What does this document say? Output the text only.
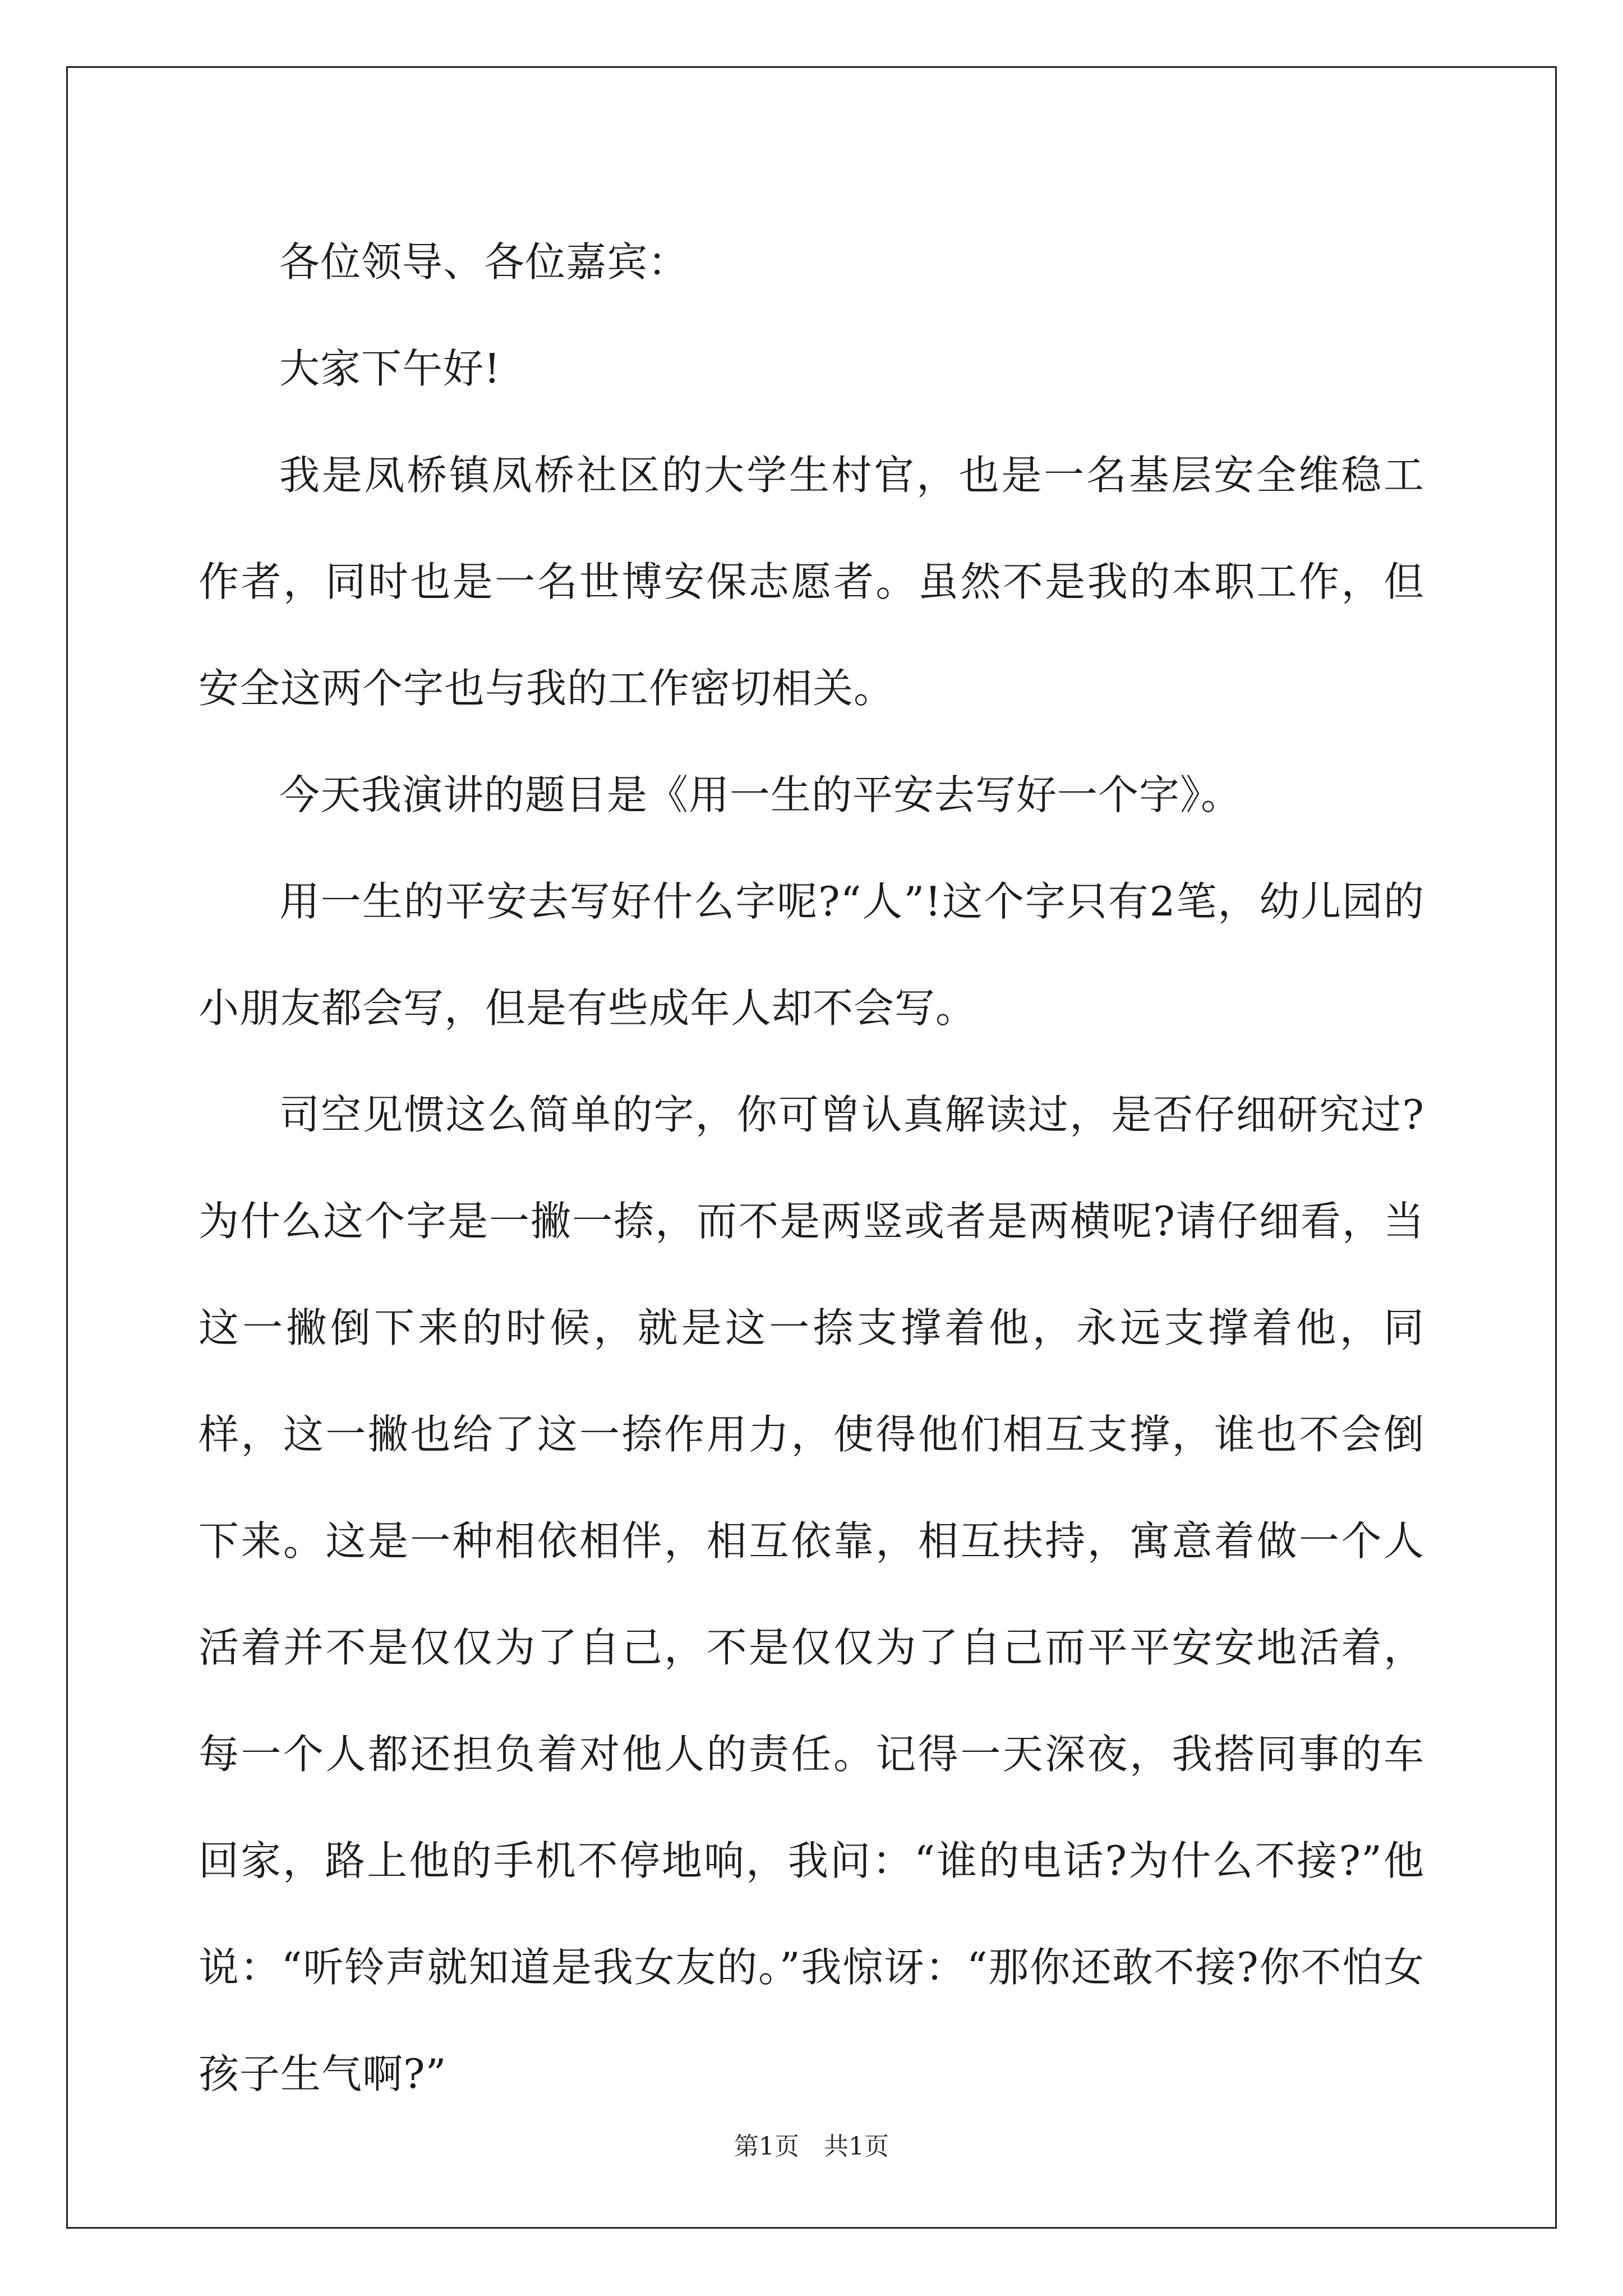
各位领导、各位嘉宾：

大家下午好!

我是凤桥镇凤桥社区的大学生村官，也是一名基层安全维稳工作者，同时也是一名世博安保志愿者。虽然不是我的本职工作，但安全这两个字也与我的工作密切相关。

今天我演讲的题目是《用一生的平安去写好一个字》。

用一生的平安去写好什么字呢?“人”!这个字只有2笔，幼儿园的小朋友都会写，但是有些成年人却不会写。

司空见惯这么简单的字，你可曾认真解读过，是否仔细研究过?为什么这个字是一撇一捺，而不是两竖或者是两横呢?请仔细看，当这一撇倒下来的时候，就是这一捺支撑着他，永远支撑着他，同样，这一撇也给了这一捺作用力，使得他们相互支撑，谁也不会倒下来。这是一种相依相伴，相互依靠，相互扶持，寓意着做一个人活着并不是仅仅为了自己，不是仅仅为了自己而平平安安地活着，每一个人都还担负着对他人的责任。记得一天深夜，我搭同事的车回家，路上他的手机不停地响，我问：“谁的电话?为什么不接?”他说：“听铃声就知道是我女友的。”我惊讶：“那你还敢不接?你不怕女孩子生气啊?”

第1页　共1页
